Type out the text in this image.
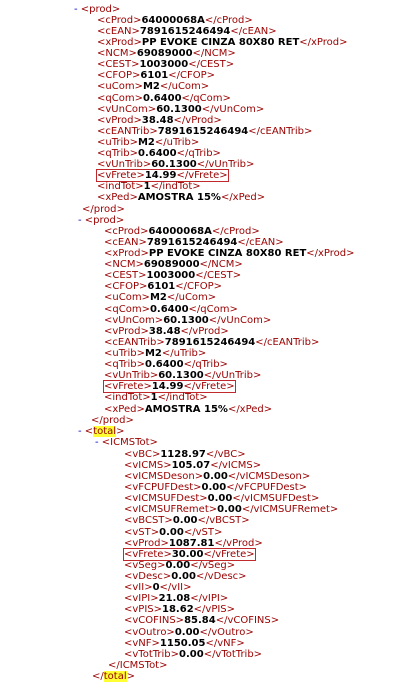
- <prod>
<cProd>64000068A</cProd>
<cEAN>7891615246494</cEAN>
<xProd>PP EVOKE CINZA 80X80 RET</xProd>
<NCM>69089000</NCM>
<CEST>1003000</CEST>
<CFOP>6101</CFOP>
<uCom>M2</uCom>
<qCom>0.6400</qCom>
<vUnCom>60.1300</vUnCom>
<vProd>38.48</vProd>
<cEANTrib>7891615246494</cEANTrib>
<uTrib>M2</uTrib>
<qTrib>0.6400</qTrib>
<vUnTrib>60.1300</vUnTrib>
<vFrete>14.99</vFrete>
<indTot>1</indTot>
<xPed>AMOSTRA 15%</xPed>
</prod>
- <prod>
<cProd>64000068A</cProd>
<cEAN>7891615246494</cEAN>
<xProd>PP EVOKE CINZA 80X80 RET</xProd>
<NCM>69089000</NCM>
<CEST>1003000</CEST>
<CFOP>6101</CFOP>
<uCom>M2</uCom>
<qCom>0.6400</qCom>
<vUnCom>60.1300</vUnCom>
<vProd>38.48</vProd>
<cEANTrib>7891615246494</cEANTrib>
<uTrib>M2</uTrib>
<qTrib>0.6400</qTrib>
<vUnTrib>60.1300</vUnTrib>
<vFrete>14.99</vFrete>
<indTot>1</indTot>
<xPed>AMOSTRA 15%</xPed>
</prod>
- <total>
- <ICMSTot>
<vBC>1128.97</vBC>
<vICMS>105.07</vICMS>
<vICMSDeson>0.00</vICMSDeson>
<vFCPUFDest>0.00</vFCPUFDest>
<vICMSUFDest>0.00</vICMSUFDest>
<vICMSUFRemet>0.00</vICMSUFRemet>
<vBCST>0.00</vBCST>
<vST>0.00</vST>
<vProd>1087.81</vProd>
<vFrete>30.00</vFrete>
<vSeg>0.00</vSeg>
<vDesc>0.00</vDesc>
<vII>0</vII>
<vIPI>21.08</vIPI>
<vPIS>18.62</vPIS>
<vCOFINS>85.84</vCOFINS>
<vOutro>0.00</vOutro>
<vNF>1150.05</vNF>
<vTotTrib>0.00</vTotTrib>
</ICMSTot>
</total>
